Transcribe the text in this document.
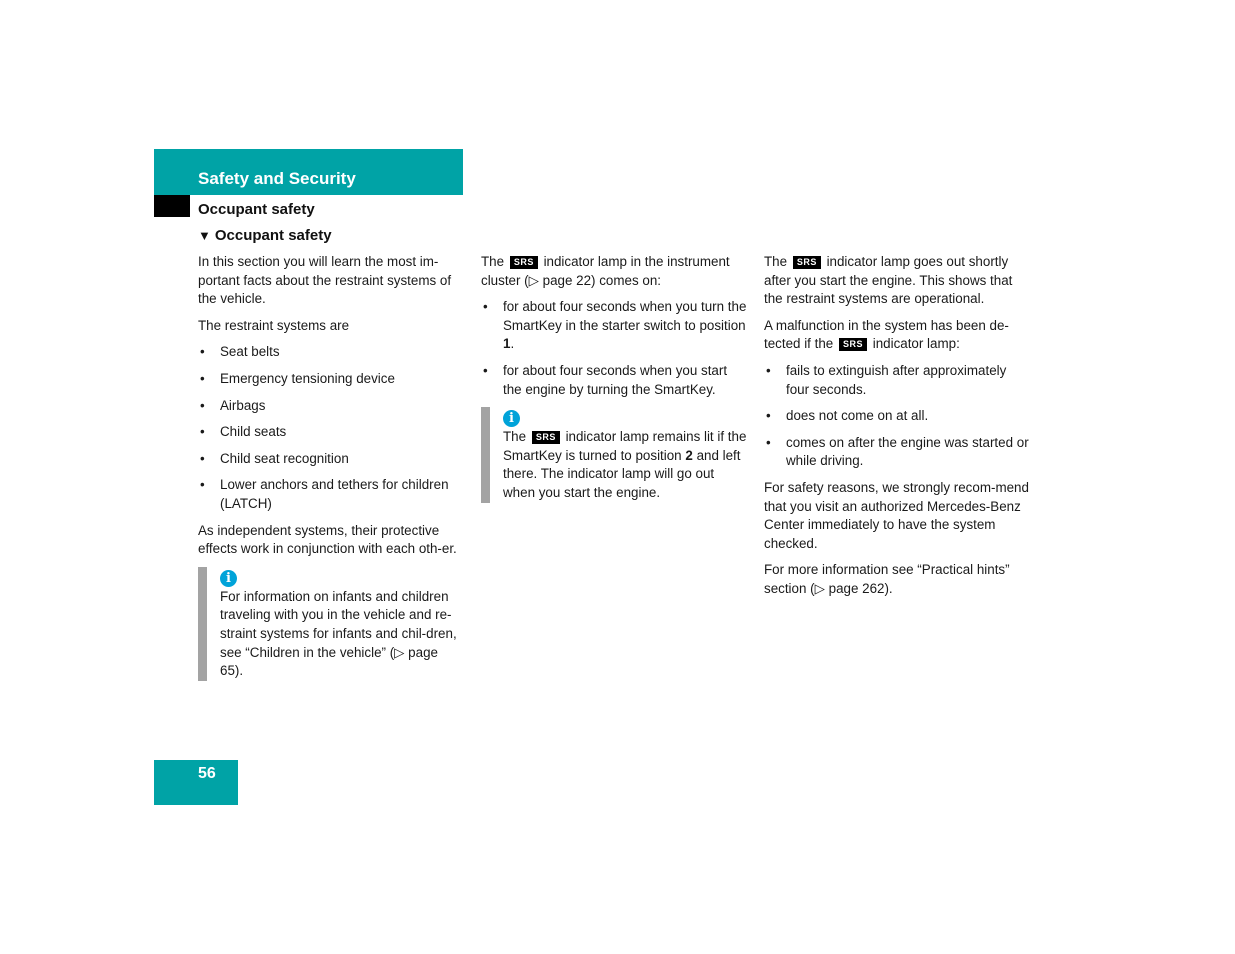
Safety and Security
Occupant safety
▼ Occupant safety

In this section you will learn the most im-portant facts about the restraint systems of the vehicle.

The restraint systems are

• Seat belts
• Emergency tensioning device
• Airbags
• Child seats
• Child seat recognition
• Lower anchors and tethers for children (LATCH)

As independent systems, their protective effects work in conjunction with each oth-er.

i

For information on infants and children traveling with you in the vehicle and re-straint systems for infants and chil-dren, see “Children in the vehicle” (▷ page 65).

The SRS indicator lamp in the instrument cluster (▷ page 22) comes on:

• for about four seconds when you turn the SmartKey in the starter switch to position 1.
• for about four seconds when you start the engine by turning the SmartKey.
i

The SRS indicator lamp remains lit if the SmartKey is turned to position 2 and left there. The indicator lamp will go out when you start the engine.

The SRS indicator lamp goes out shortly after you start the engine. This shows that the restraint systems are operational.

A malfunction in the system has been de-tected if the SRS indicator lamp:

• fails to extinguish after approximately four seconds.
• does not come on at all.
• comes on after the engine was started or while driving.

For safety reasons, we strongly recom-mend that you visit an authorized Mercedes-Benz Center immediately to have the system checked.

For more information see “Practical hints” section (▷ page 262).

56
